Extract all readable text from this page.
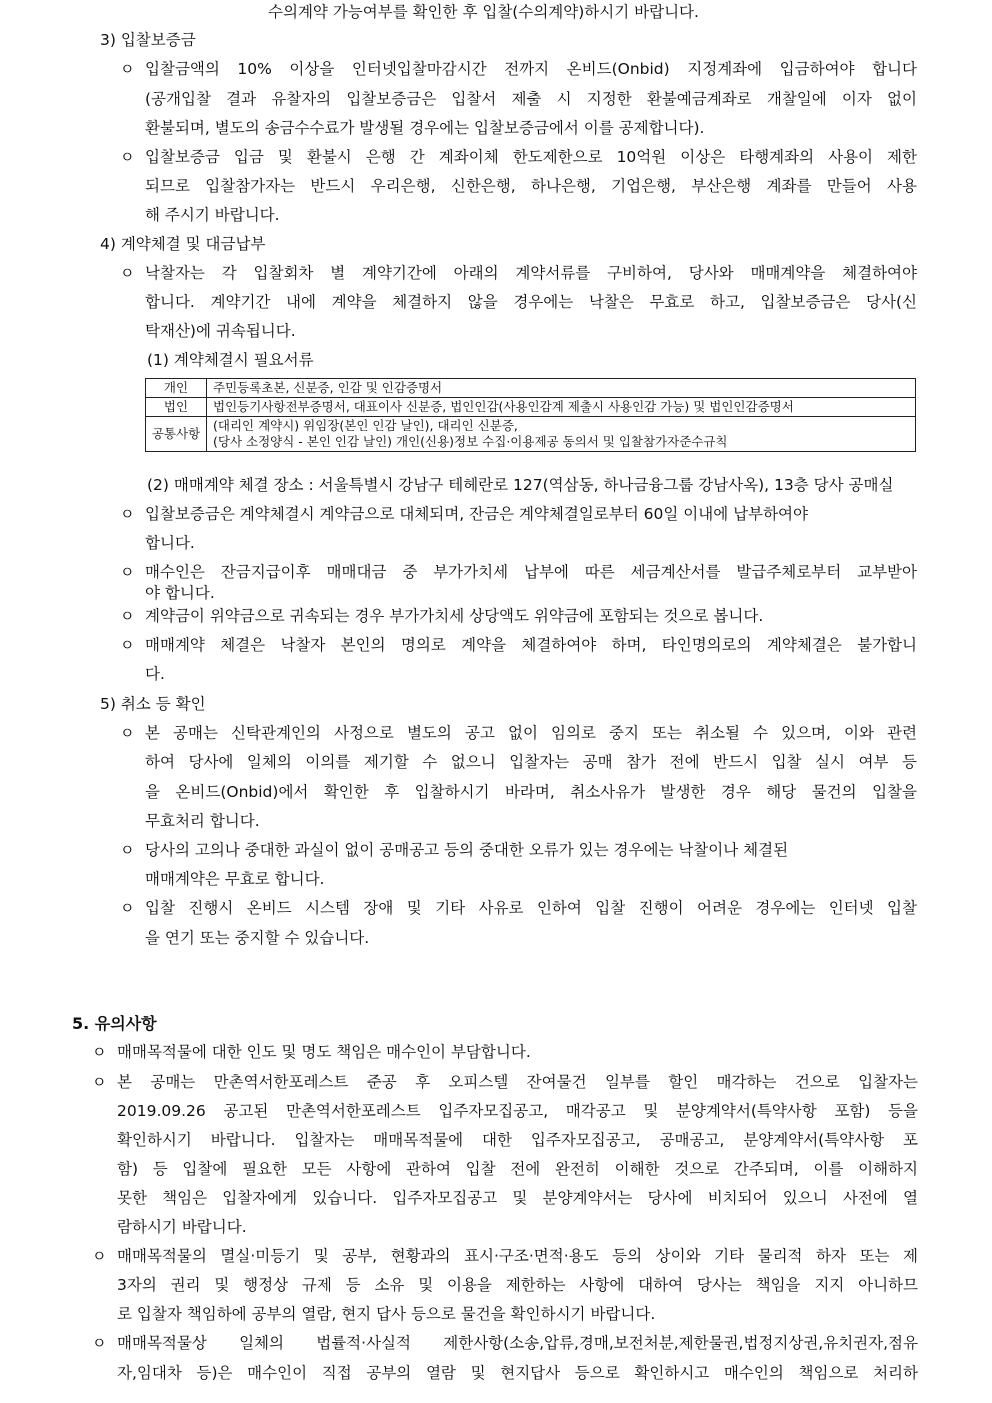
수의계약 가능여부를 확인한 후 입찰(수의계약)하시기 바랍니다.
3) 입찰보증금
ㅇ 입찰금액의 10% 이상을 인터넷입찰마감시간 전까지 온비드(Onbid) 지정계좌에 입금하여야 합니다
(공개입찰 결과 유찰자의 입찰보증금은 입찰서 제출 시 지정한 환불예금계좌로 개찰일에 이자 없이
환불되며, 별도의 송금수수료가 발생될 경우에는 입찰보증금에서 이를 공제합니다).
ㅇ 입찰보증금 입금 및 환불시 은행 간 계좌이체 한도제한으로 10억원 이상은 타행계좌의 사용이 제한
되므로 입찰참가자는 반드시 우리은행, 신한은행, 하나은행, 기업은행, 부산은행 계좌를 만들어 사용
해 주시기 바랍니다.
4) 계약체결 및 대금납부
ㅇ 낙찰자는 각 입찰회차 별 계약기간에 아래의 계약서류를 구비하여, 당사와 매매계약을 체결하여야
합니다. 계약기간 내에 계약을 체결하지 않을 경우에는 낙찰은 무효로 하고, 입찰보증금은 당사(신
탁재산)에 귀속됩니다.
(1) 계약체결시 필요서류
개인	주민등록초본, 신분증, 인감 및 인감증명서
법인	법인등기사항전부증명서, 대표이사 신분증, 법인인감(사용인감계 제출시 사용인감 가능) 및 법인인감증명서
공통사항	(대리인 계약시) 위임장(본인 인감 날인), 대리인 신분증,
(당사 소정양식 - 본인 인감 날인) 개인(신용)정보 수집·이용제공 동의서 및 입찰참가자준수규칙
(2) 매매계약 체결 장소 : 서울특별시 강남구 테헤란로 127(역삼동, 하나금융그룹 강남사옥), 13층 당사 공매실
ㅇ 입찰보증금은 계약체결시 계약금으로 대체되며, 잔금은 계약체결일로부터 60일 이내에 납부하여야
합니다.
ㅇ 매수인은 잔금지급이후 매매대금 중 부가가치세 납부에 따른 세금계산서를 발급주체로부터 교부받아
야 합니다.
ㅇ 계약금이 위약금으로 귀속되는 경우 부가가치세 상당액도 위약금에 포함되는 것으로 봅니다.
ㅇ 매매계약 체결은 낙찰자 본인의 명의로 계약을 체결하여야 하며, 타인명의로의 계약체결은 불가합니
다.
5) 취소 등 확인
ㅇ 본 공매는 신탁관계인의 사정으로 별도의 공고 없이 임의로 중지 또는 취소될 수 있으며, 이와 관련
하여 당사에 일체의 이의를 제기할 수 없으니 입찰자는 공매 참가 전에 반드시 입찰 실시 여부 등
을 온비드(Onbid)에서 확인한 후 입찰하시기 바라며, 취소사유가 발생한 경우 해당 물건의 입찰을
무효처리 합니다.
ㅇ 당사의 고의나 중대한 과실이 없이 공매공고 등의 중대한 오류가 있는 경우에는 낙찰이나 체결된
매매계약은 무효로 합니다.
ㅇ 입찰 진행시 온비드 시스템 장애 및 기타 사유로 인하여 입찰 진행이 어려운 경우에는 인터넷 입찰
을 연기 또는 중지할 수 있습니다.
5. 유의사항
ㅇ 매매목적물에 대한 인도 및 명도 책임은 매수인이 부담합니다.
ㅇ 본 공매는 만촌역서한포레스트 준공 후 오피스텔 잔여물건 일부를 할인 매각하는 건으로 입찰자는
2019.09.26 공고된 만촌역서한포레스트 입주자모집공고, 매각공고 및 분양계약서(특약사항 포함) 등을
확인하시기 바랍니다. 입찰자는 매매목적물에 대한 입주자모집공고, 공매공고, 분양계약서(특약사항 포
함) 등 입찰에 필요한 모든 사항에 관하여 입찰 전에 완전히 이해한 것으로 간주되며, 이를 이해하지
못한 책임은 입찰자에게 있습니다. 입주자모집공고 및 분양계약서는 당사에 비치되어 있으니 사전에 열
람하시기 바랍니다.
ㅇ 매매목적물의 멸실·미등기 및 공부, 현황과의 표시·구조·면적·용도 등의 상이와 기타 물리적 하자 또는 제
3자의 권리 및 행정상 규제 등 소유 및 이용을 제한하는 사항에 대하여 당사는 책임을 지지 아니하므
로 입찰자 책임하에 공부의 열람, 현지 답사 등으로 물건을 확인하시기 바랍니다.
ㅇ 매매목적물상 일체의 법률적·사실적 제한사항(소송,압류,경매,보전처분,제한물권,법정지상권,유치권자,점유
자,임대차 등)은 매수인이 직접 공부의 열람 및 현지답사 등으로 확인하시고 매수인의 책임으로 처리하
